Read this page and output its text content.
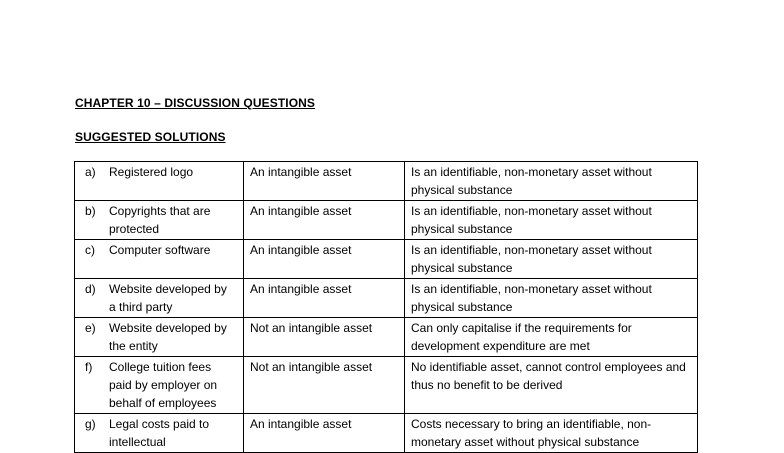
CHAPTER 10 – DISCUSSION QUESTIONS
SUGGESTED SOLUTIONS
a) Registered logo	An intangible asset	Is an identifiable, non-monetary asset without physical substance
b) Copyrights that are protected	An intangible asset	Is an identifiable, non-monetary asset without physical substance
c) Computer software	An intangible asset	Is an identifiable, non-monetary asset without physical substance
d) Website developed by a third party	An intangible asset	Is an identifiable, non-monetary asset without physical substance
e) Website developed by the entity	Not an intangible asset	Can only capitalise if the requirements for development expenditure are met
f) College tuition fees paid by employer on behalf of employees	Not an intangible asset	No identifiable asset, cannot control employees and thus no benefit to be derived
g) Legal costs paid to intellectual	An intangible asset	Costs necessary to bring an identifiable, non-monetary asset without physical substance
